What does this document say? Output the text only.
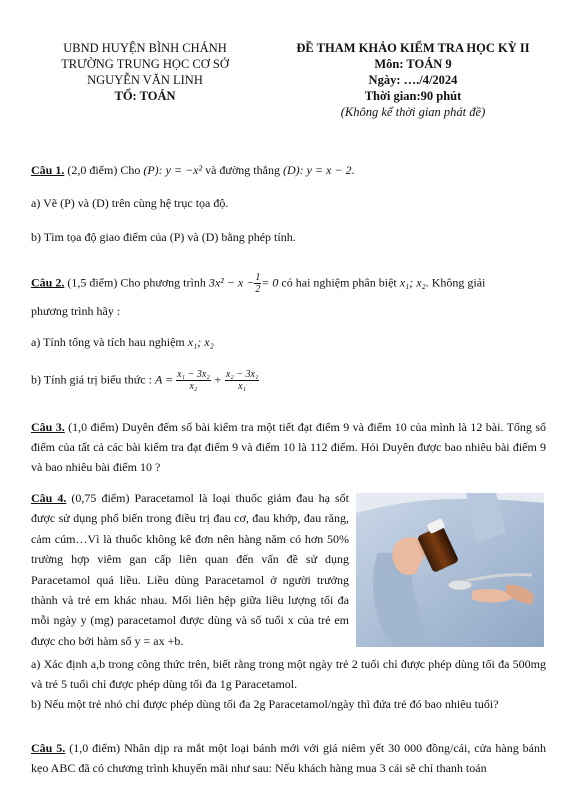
UBND HUYỆN BÌNH CHÁNH
TRƯỜNG TRUNG HỌC CƠ SỞ
NGUYỄN VĂN LINH
TỔ: TOÁN
ĐỀ THAM KHẢO KIỂM TRA HỌC KỲ II
Môn: TOÁN 9
Ngày: …./4/2024
Thời gian:90 phút
(Không kể thời gian phát đề)
Câu 1. (2,0 điểm) Cho (P): y = −x² và đường thẳng (D): y = x − 2.
a) Vẽ (P) và (D) trên cùng hệ trục tọa độ.
b) Tìm tọa độ giao điểm của (P) và (D) bằng phép tính.
Câu 2. (1,5 điểm) Cho phương trình $3x^2 - x - \frac{1}{2} = 0$ có hai nghiệm phân biệt x₁; x₂. Không giải
phương trình hãy :
a) Tính tổng và tích hau nghiệm x₁; x₂
b) Tính giá trị biểu thức : $A = \frac{\text{x₁ − 3x₂}}{\text{x₂}} + \frac{\text{x₂ − 3x₁}}{\text{x₁}}$
Câu 3. (1,0 điểm) Duyên đếm số bài kiểm tra một tiết đạt điểm 9 và điểm 10 của mình là 12 bài. Tổng số điểm của tất cả các bài kiểm tra đạt điểm 9 và điểm 10 là 112 điểm. Hỏi Duyên được bao nhiêu bài điểm 9 và bao nhiêu bài điểm 10 ?
Câu 4. (0,75 điểm) Paracetamol là loại thuốc giảm đau hạ sốt được sử dụng phổ biến trong điều trị đau cơ, đau khớp, đau răng, cảm cúm…Vì là thuốc không kê đơn nên hàng năm có hơn 50% trường hợp viêm gan cấp liên quan đến vấn đề sử dụng Paracetamol quá liều. Liều dùng Paracetamol ở người trưởng thành và trẻ em khác nhau. Mối liên hệp giữa liều lượng tối đa mỗi ngày y (mg) paracetamol được dùng và số tuổi x của trẻ em được cho bởi hàm số y = ax +b.
a) Xác định a,b trong công thức trên, biết rằng trong một ngày trẻ 2 tuổi chỉ được phép dùng tối đa 500mg và trẻ 5 tuổi chỉ được phép dùng tối đa 1g Paracetamol.
b) Nếu một trẻ nhỏ chỉ được phép dùng tối đa 2g Paracetamol/ngày thì đứa trẻ đó bao nhiêu tuổi?
Câu 5. (1,0 điểm) Nhân dịp ra mắt một loại bánh mới với giá niêm yết 30 000 đồng/cái, cửa hàng bánh kẹo ABC đã có chương trình khuyến mãi như sau: Nếu khách hàng mua 3 cái sẽ chỉ thanh toán
